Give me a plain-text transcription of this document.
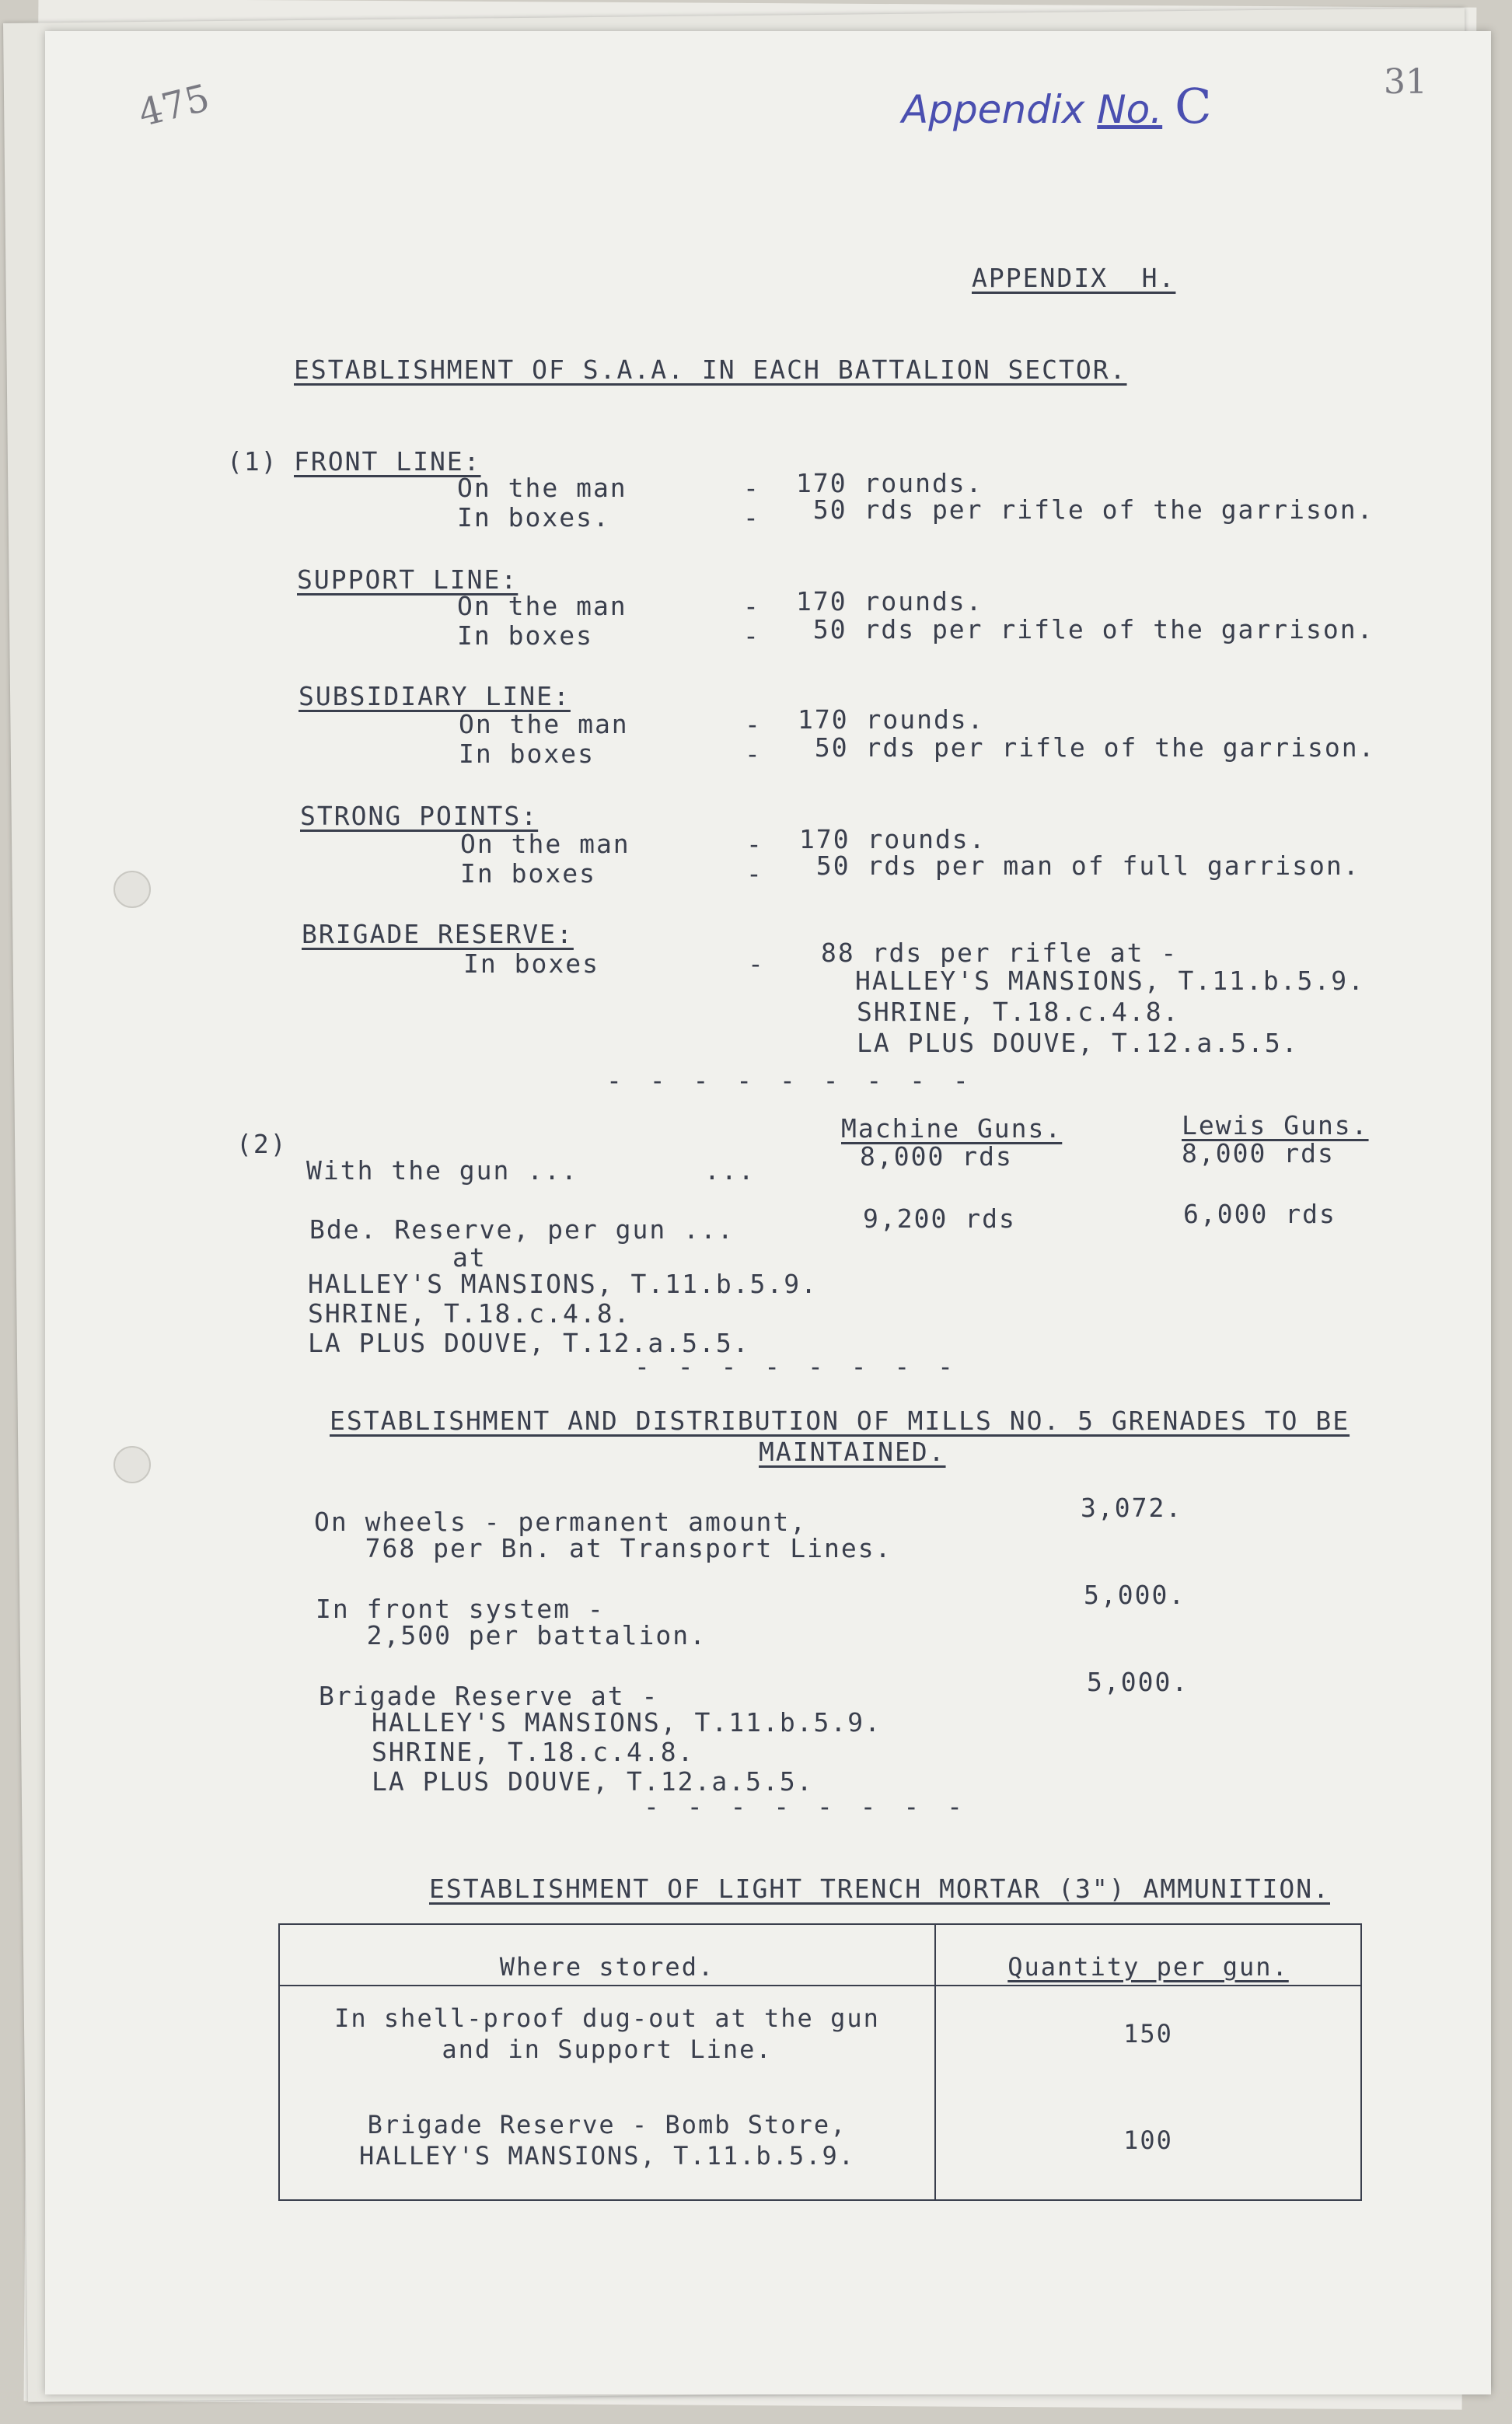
475	31
Appendix No. C
APPENDIX  H.
ESTABLISHMENT OF S.A.A. IN EACH BATTALION SECTOR.
(1) FRONT LINE:
On the man	- 170 rounds.
In boxes.	- 50 rds per rifle of the garrison.
SUPPORT LINE:
On the man	- 170 rounds.
In boxes	- 50 rds per rifle of the garrison.
SUBSIDIARY LINE:
On the man	- 170 rounds.
In boxes	- 50 rds per rifle of the garrison.
STRONG POINTS:
On the man	- 170 rounds.
In boxes	- 50 rds per man of full garrison.
BRIGADE RESERVE:
In boxes	- 88 rds per rifle at -
HALLEY'S MANSIONS, T.11.b.5.9.
SHRINE, T.18.c.4.8.
LA PLUS DOUVE, T.12.a.5.5.
- - - - - - - - -
(2)
Machine Guns.	Lewis Guns.
With the gun ...	...	8,000 rds	8,000 rds
Bde. Reserve, per gun ...	9,200 rds	6,000 rds
at
HALLEY'S MANSIONS, T.11.b.5.9.
SHRINE, T.18.c.4.8.
LA PLUS DOUVE, T.12.a.5.5.
- - - - - - - -
ESTABLISHMENT AND DISTRIBUTION OF MILLS NO. 5 GRENADES TO BE
MAINTAINED.
On wheels - permanent amount,
768 per Bn. at Transport Lines.
3,072.
In front system -
2,500 per battalion.
5,000.
Brigade Reserve at -	5,000.
HALLEY'S MANSIONS, T.11.b.5.9.
SHRINE, T.18.c.4.8.
LA PLUS DOUVE, T.12.a.5.5.
- - - - - - - -
ESTABLISHMENT OF LIGHT TRENCH MORTAR (3") AMMUNITION.
Where stored.	Quantity per gun.

In shell-proof dug-out at the gun
and in Support Line.	150

Brigade Reserve - Bomb Store,
HALLEY'S MANSIONS, T.11.b.5.9.	100
